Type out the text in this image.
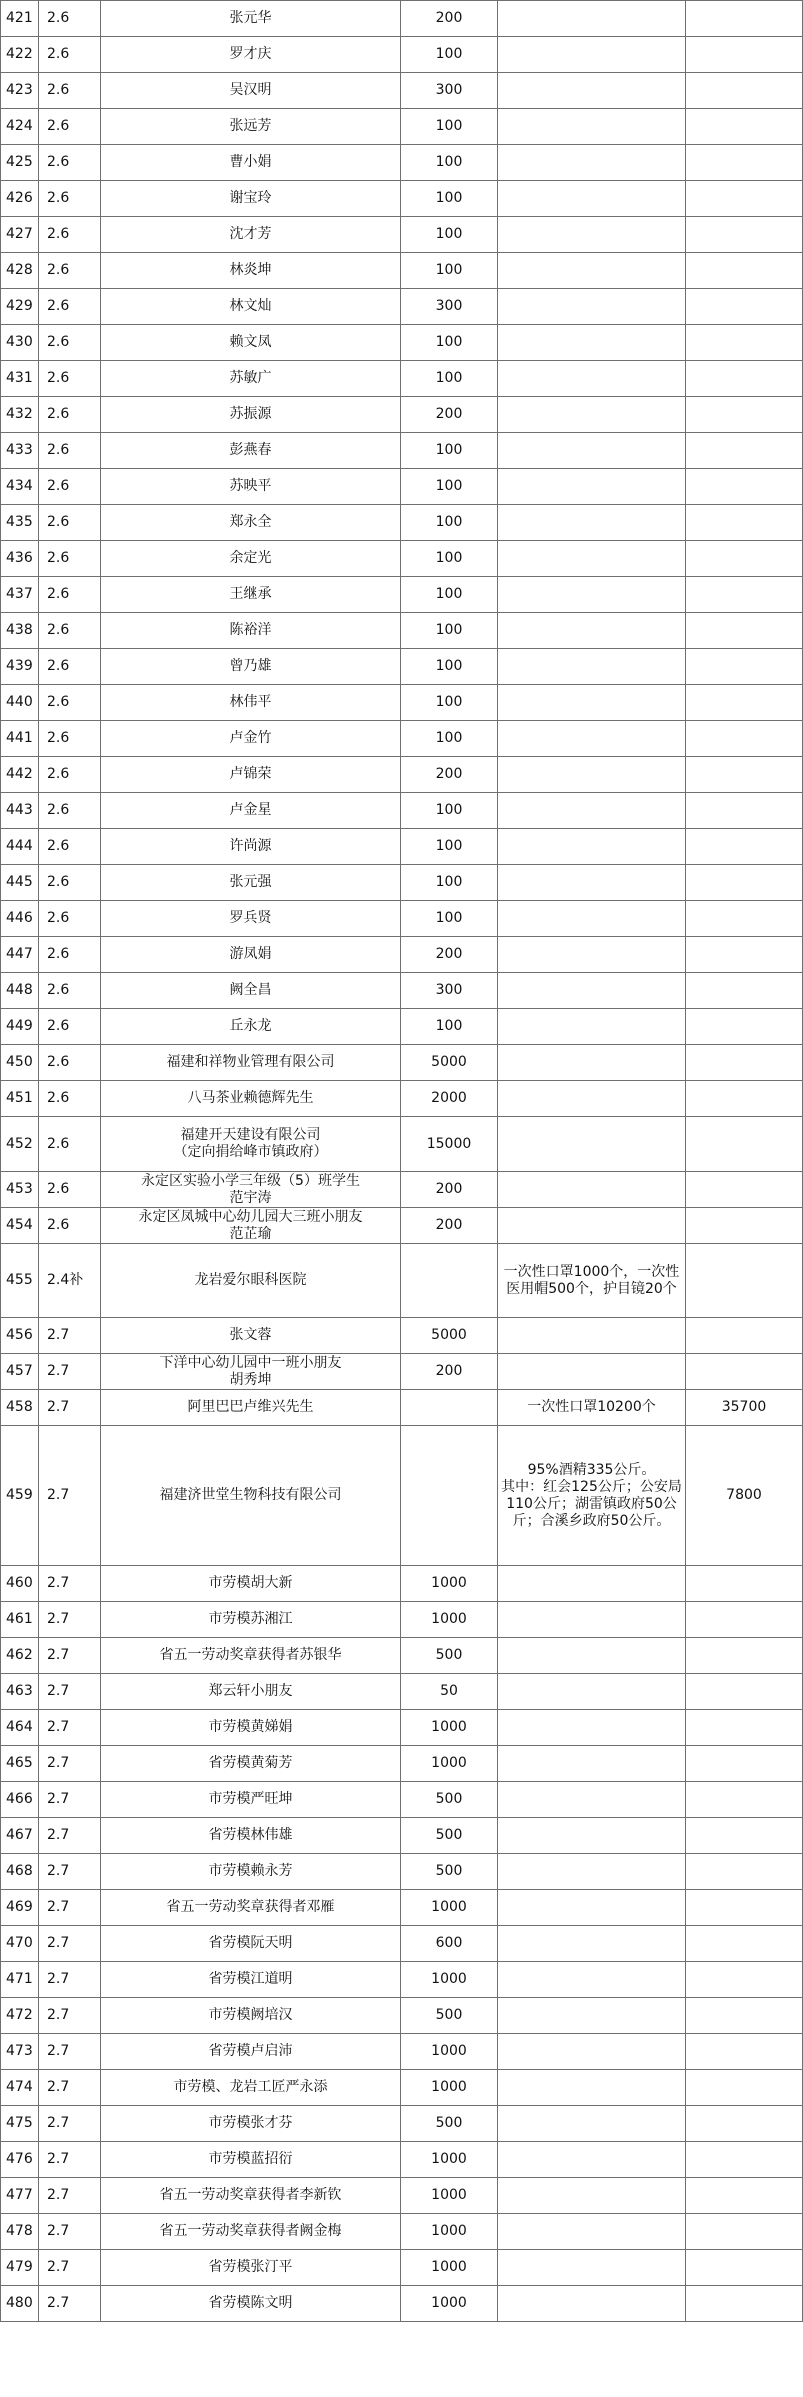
421	2.6	张元华	200		
422	2.6	罗才庆	100		
423	2.6	吴汉明	300		
424	2.6	张远芳	100		
425	2.6	曹小娟	100		
426	2.6	谢宝玲	100		
427	2.6	沈才芳	100		
428	2.6	林炎坤	100		
429	2.6	林文灿	300		
430	2.6	赖文凤	100		
431	2.6	苏敏广	100		
432	2.6	苏振源	200		
433	2.6	彭燕春	100		
434	2.6	苏映平	100		
435	2.6	郑永全	100		
436	2.6	余定光	100		
437	2.6	王继承	100		
438	2.6	陈裕洋	100		
439	2.6	曾乃雄	100		
440	2.6	林伟平	100		
441	2.6	卢金竹	100		
442	2.6	卢锦荣	200		
443	2.6	卢金星	100		
444	2.6	许尚源	100		
445	2.6	张元强	100		
446	2.6	罗兵贤	100		
447	2.6	游凤娟	200		
448	2.6	阙全昌	300		
449	2.6	丘永龙	100		
450	2.6	福建和祥物业管理有限公司	5000		
451	2.6	八马茶业赖德辉先生	2000		
452	2.6	福建开天建设有限公司
（定向捐给峰市镇政府）	15000		
453	2.6	永定区实验小学三年级（5）班学生
范宇涛	200		
454	2.6	永定区凤城中心幼儿园大三班小朋友
范芷瑜	200		
455	2.4补	龙岩爱尔眼科医院		一次性口罩1000个，一次性医用帽500个，护目镜20个	
456	2.7	张文蓉	5000		
457	2.7	下洋中心幼儿园中一班小朋友
胡秀坤	200		
458	2.7	阿里巴巴卢维兴先生		一次性口罩10200个	35700
459	2.7	福建济世堂生物科技有限公司		95%酒精335公斤。
其中：红会125公斤；公安局110公斤；湖雷镇政府50公斤；合溪乡政府50公斤。	7800
460	2.7	市劳模胡大新	1000		
461	2.7	市劳模苏湘江	1000		
462	2.7	省五一劳动奖章获得者苏银华	500		
463	2.7	郑云轩小朋友	50		
464	2.7	市劳模黄娣娟	1000		
465	2.7	省劳模黄菊芳	1000		
466	2.7	市劳模严旺坤	500		
467	2.7	省劳模林伟雄	500		
468	2.7	市劳模赖永芳	500		
469	2.7	省五一劳动奖章获得者邓雁	1000		
470	2.7	省劳模阮天明	600		
471	2.7	省劳模江道明	1000		
472	2.7	市劳模阙培汉	500		
473	2.7	省劳模卢启沛	1000		
474	2.7	市劳模、龙岩工匠严永添	1000		
475	2.7	市劳模张才芬	500		
476	2.7	市劳模蓝招衍	1000		
477	2.7	省五一劳动奖章获得者李新钦	1000		
478	2.7	省五一劳动奖章获得者阙金梅	1000		
479	2.7	省劳模张汀平	1000		
480	2.7	省劳模陈文明	1000		
